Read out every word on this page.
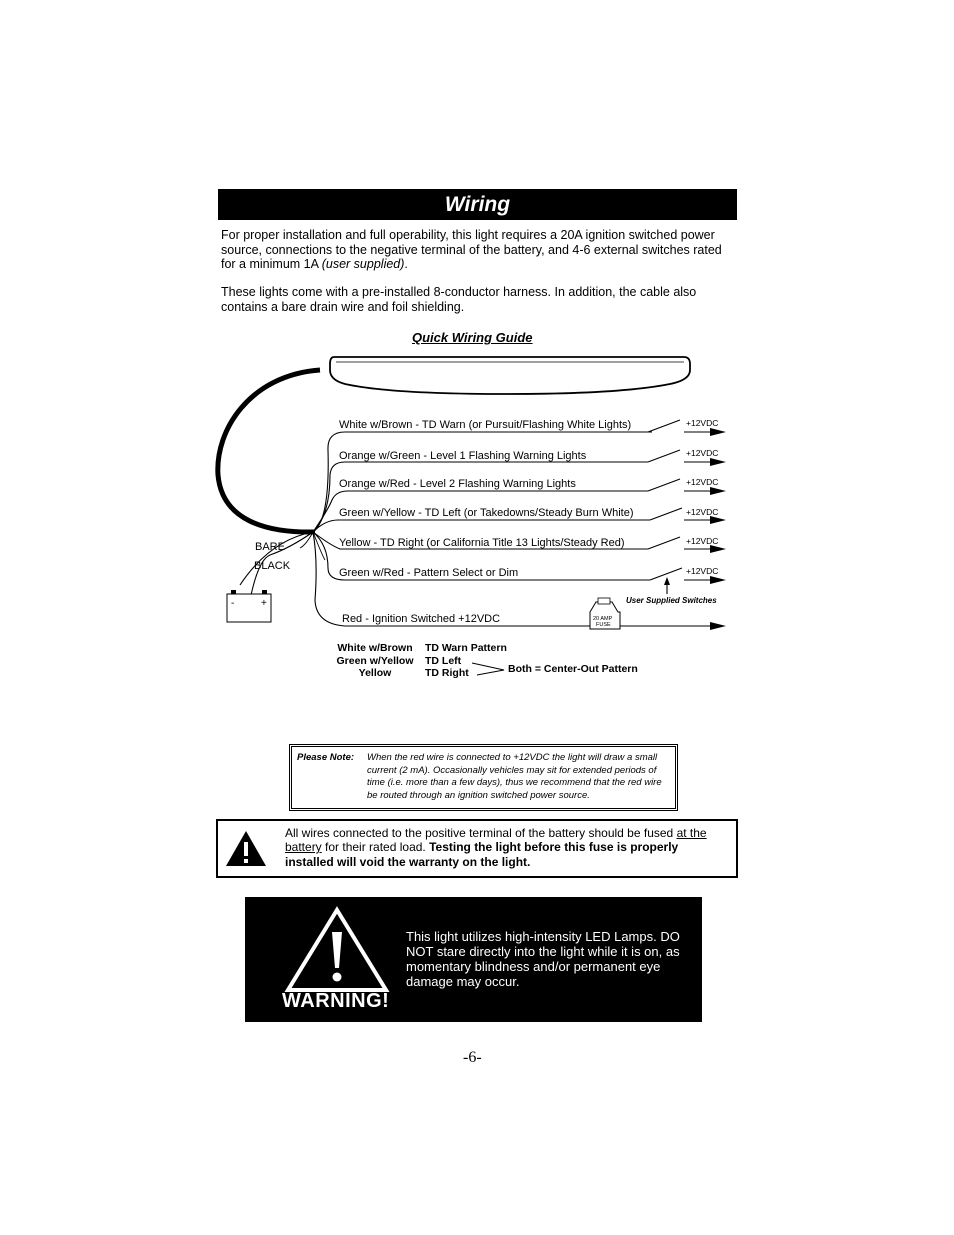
Wiring
For proper installation and full operability, this light requires a 20A ignition switched power source, connections to the negative terminal of the battery, and 4-6 external switches rated for a minimum 1A (user supplied).
These lights come with a pre-installed 8-conductor harness. In addition, the cable also contains a bare drain wire and foil shielding.
Quick Wiring Guide
White w/Brown - TD Warn (or Pursuit/Flashing White Lights)
Orange w/Green - Level 1 Flashing Warning Lights
Orange w/Red - Level 2 Flashing Warning Lights
Green w/Yellow - TD Left (or Takedowns/Steady Burn White)
Yellow - TD Right (or California Title 13 Lights/Steady Red)
Green w/Red - Pattern Select or Dim
Red - Ignition Switched +12VDC
+12VDC
+12VDC
+12VDC
+12VDC
+12VDC
+12VDC
BARE
BLACK
User Supplied Switches
-	+
20 AMP
FUSE
White w/Brown
Green w/Yellow
Yellow
TD Warn Pattern
TD Left
TD Right	Both = Center-Out Pattern
Please Note: When the red wire is connected to +12VDC the light will draw a small current (2 mA). Occasionally vehicles may sit for extended periods of time (i.e. more than a few days), thus we recommend that the red wire be routed through an ignition switched power source.
All wires connected to the positive terminal of the battery should be fused at the battery for their rated load. Testing the light before this fuse is properly installed will void the warranty on the light.
WARNING!
This light utilizes high-intensity LED Lamps. DO NOT stare directly into the light while it is on, as momentary blindness and/or permanent eye damage may occur.
-6-
